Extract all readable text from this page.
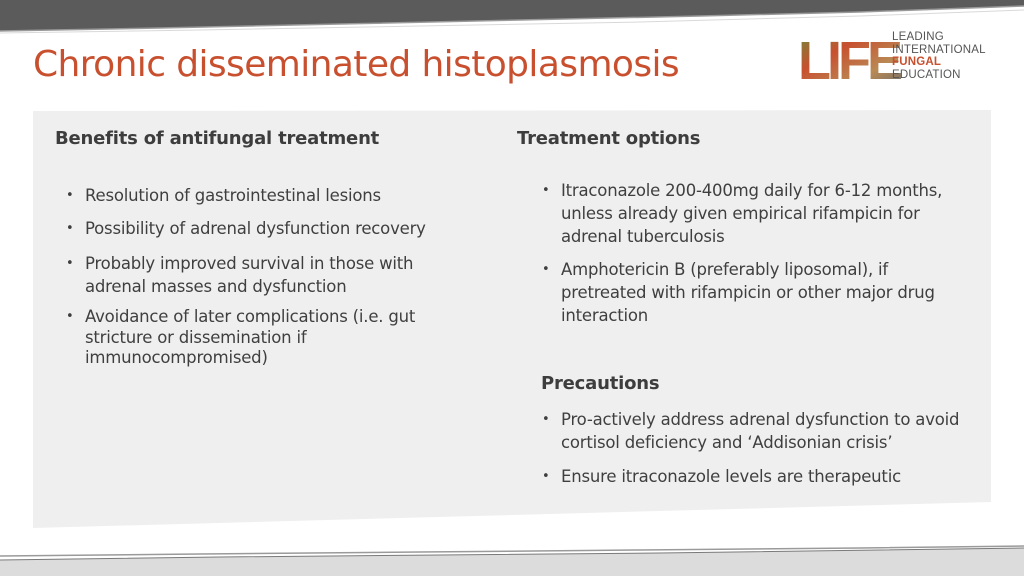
Chronic disseminated histoplasmosis LIFE
LEADING
INTERNATIONAL
FUNGAL
EDUCATION
Benefits of antifungal treatment
• Resolution of gastrointestinal lesions
• Possibility of adrenal dysfunction recovery
• Probably improved survival in those with adrenal masses and dysfunction
• Avoidance of later complications (i.e. gut stricture or dissemination if immunocompromised)
Treatment options
• Itraconazole 200-400mg daily for 6-12 months, unless already given empirical rifampicin for adrenal tuberculosis
• Amphotericin B (preferably liposomal), if pretreated with rifampicin or other major drug interaction
Precautions
• Pro-actively address adrenal dysfunction to avoid cortisol deficiency and ‘Addisonian crisis’
• Ensure itraconazole levels are therapeutic
